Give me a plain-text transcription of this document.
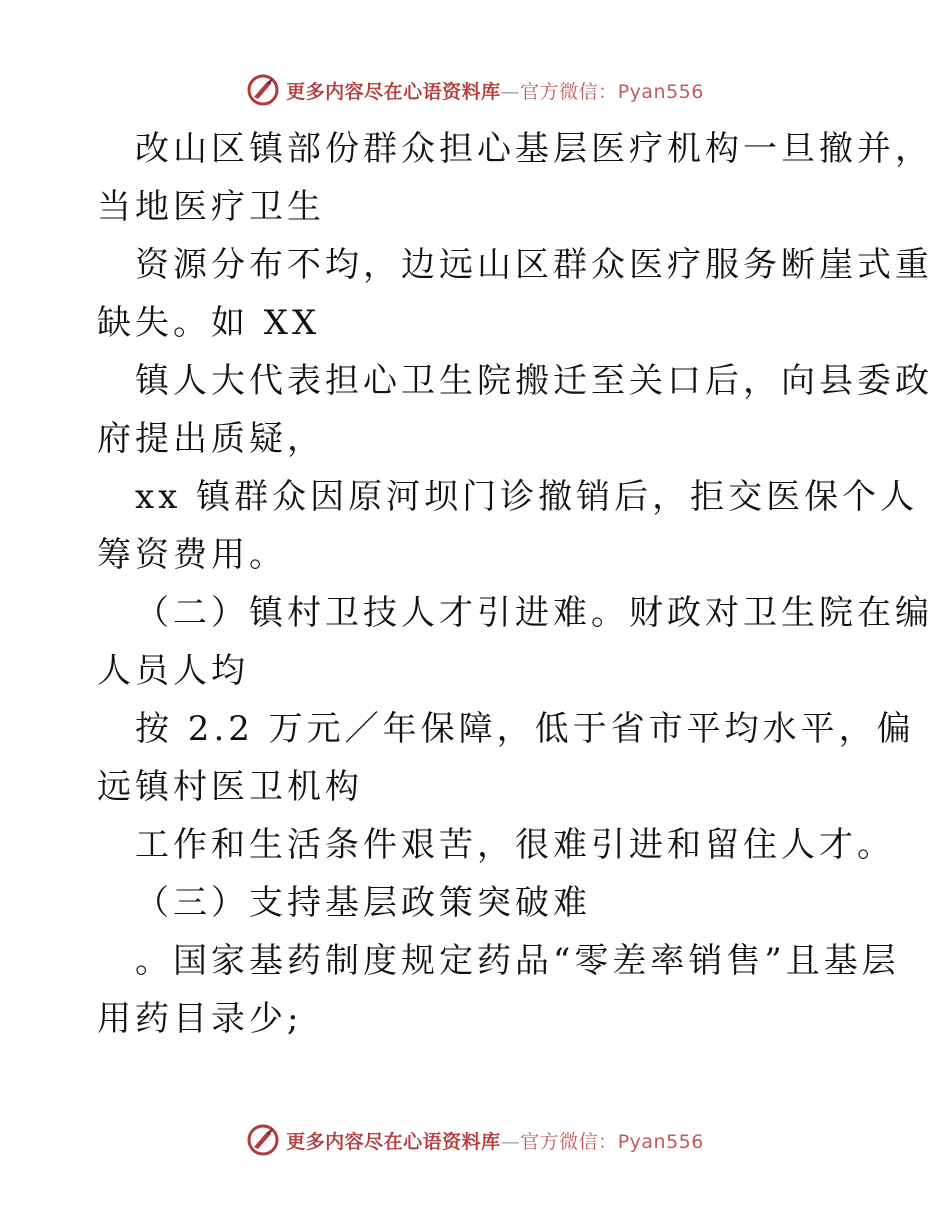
更多内容尽在心语资料库—官方微信：Pyan556

改山区镇部份群众担心基层医疗机构一旦撤并，

当地医疗卫生

资源分布不均，边远山区群众医疗服务断崖式重

缺失。如 XX

镇人大代表担心卫生院搬迁至关口后，向县委政

府提出质疑，

xx 镇群众因原河坝门诊撤销后，拒交医保个人

筹资费用。

（二）镇村卫技人才引进难。财政对卫生院在编

人员人均

按 2.2 万元／年保障，低于省市平均水平，偏

远镇村医卫机构

工作和生活条件艰苦，很难引进和留住人才。

（三）支持基层政策突破难

。国家基药制度规定药品“零差率销售”且基层

用药目录少;

更多内容尽在心语资料库—官方微信：Pyan556
